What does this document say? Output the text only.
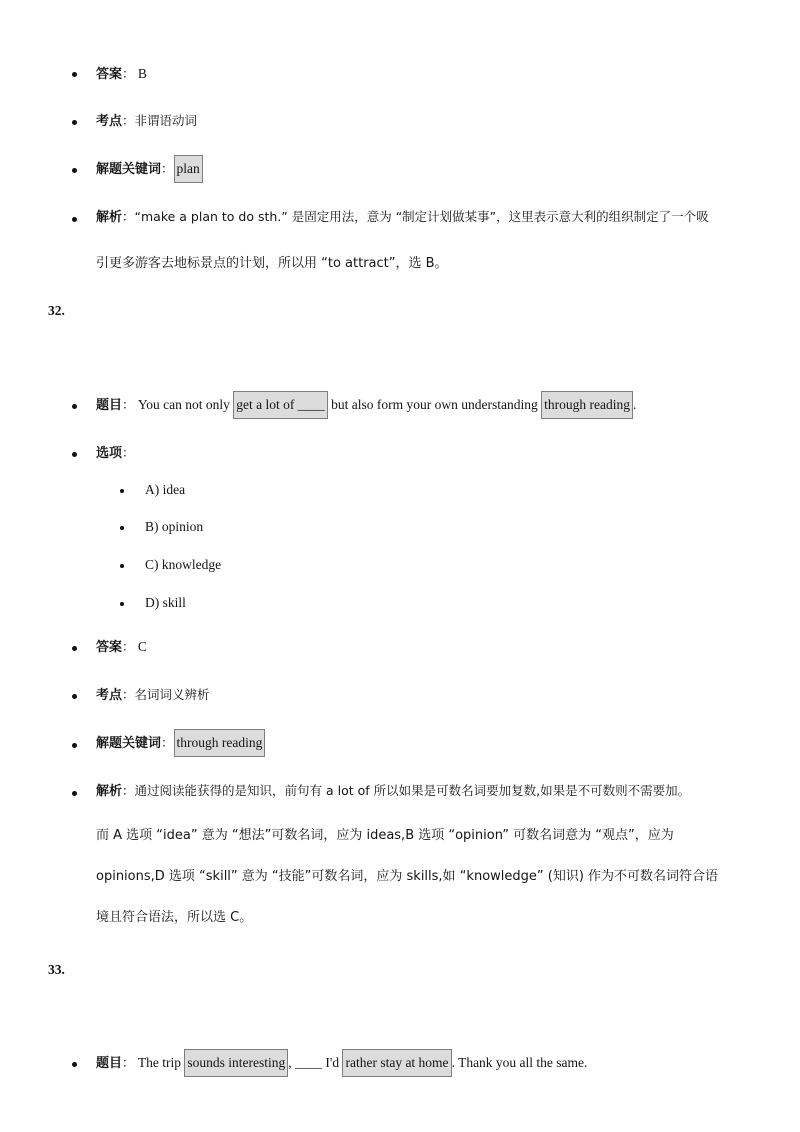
答案： B
考点：非谓语动词
解题关键词： plan
解析：“make a plan to do sth.” 是固定用法，意为 “制定计划做某事”，这里表示意大利的组织制定了一个吸
引更多游客去地标景点的计划，所以用 “to attract”，选 B。
32.
题目： You can not only get a lot of ____ but also form your own understanding through reading .
选项：
A) idea
B) opinion
C) knowledge
D) skill
答案： C
考点：名词词义辨析
解题关键词： through reading
解析：通过阅读能获得的是知识，前句有 a lot of 所以如果是可数名词要加复数,如果是不可数则不需要加。
而 A 选项 “idea” 意为 “想法”可数名词，应为 ideas,B 选项 “opinion” 可数名词意为 “观点”，应为
opinions,D 选项 “skill” 意为 “技能”可数名词，应为 skills,如 “knowledge” (知识) 作为不可数名词符合语
境且符合语法，所以选 C。
33.
题目： The trip sounds interesting , ____ I'd rather stay at home . Thank you all the same.
